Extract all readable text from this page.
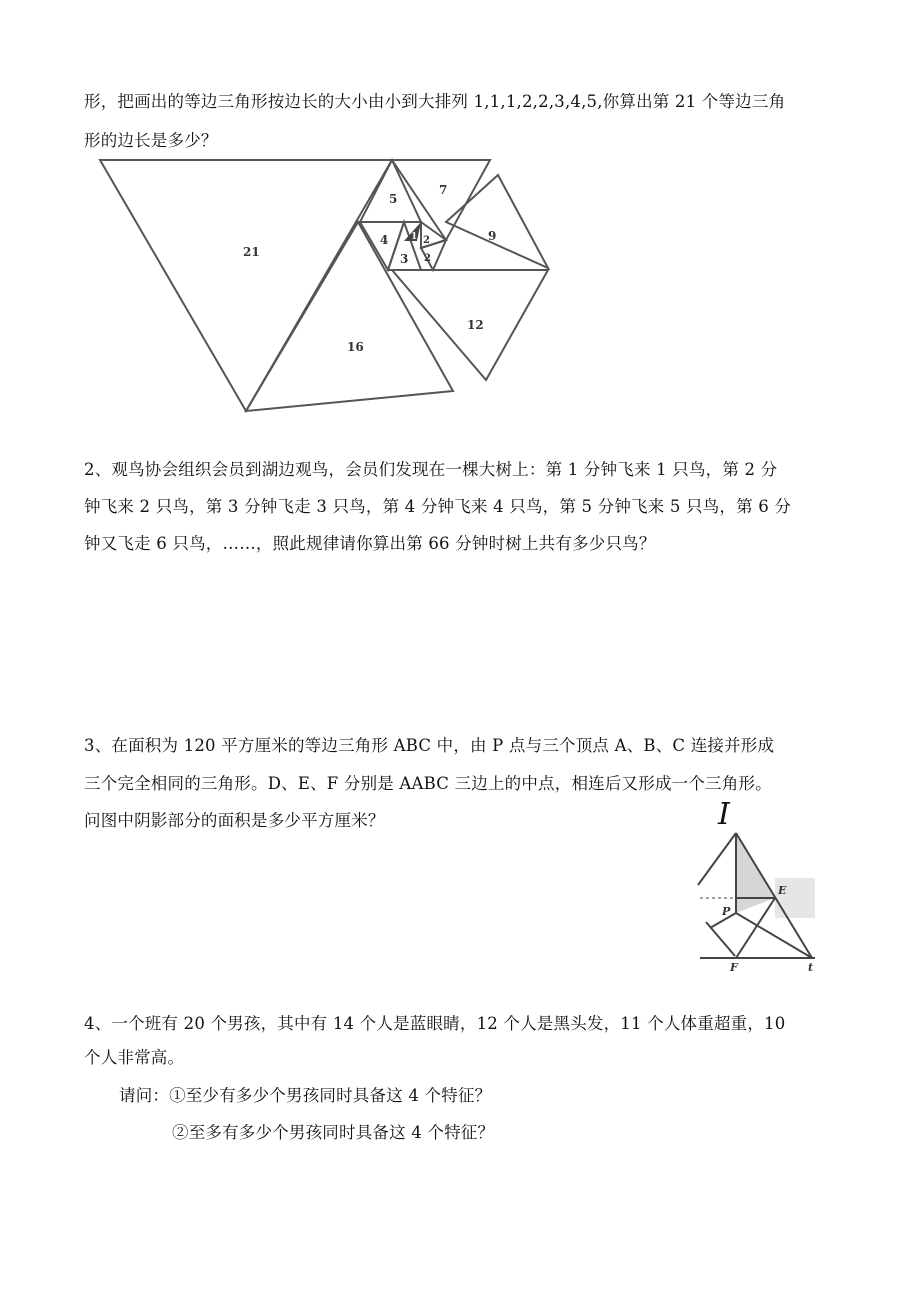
形，把画出的等边三角形按边长的大小由小到大排列 1,1,1,2,2,3,4,5,你算出第 21 个等边三角
形的边长是多少？
21
16
12
9
7
5
4
3
2
2
1
2、观鸟协会组织会员到湖边观鸟，会员们发现在一棵大树上：第 1 分钟飞来 1 只鸟，第 2 分
钟飞来 2 只鸟，第 3 分钟飞走 3 只鸟，第 4 分钟飞来 4 只鸟，第 5 分钟飞来 5 只鸟，第 6 分
钟又飞走 6 只鸟，……，照此规律请你算出第 66 分钟时树上共有多少只鸟？
3、在面积为 120 平方厘米的等边三角形 ABC 中，由 P 点与三个顶点 A、B、C 连接并形成
三个完全相同的三角形。D、E、F 分别是 AABC 三边上的中点，相连后又形成一个三角形。
问图中阴影部分的面积是多少平方厘米？	I
E
P
F	t
4、一个班有 20 个男孩，其中有 14 个人是蓝眼睛，12 个人是黑头发，11 个人体重超重，10
个人非常高。
请问：①至少有多少个男孩同时具备这 4 个特征？
②至多有多少个男孩同时具备这 4 个特征？
